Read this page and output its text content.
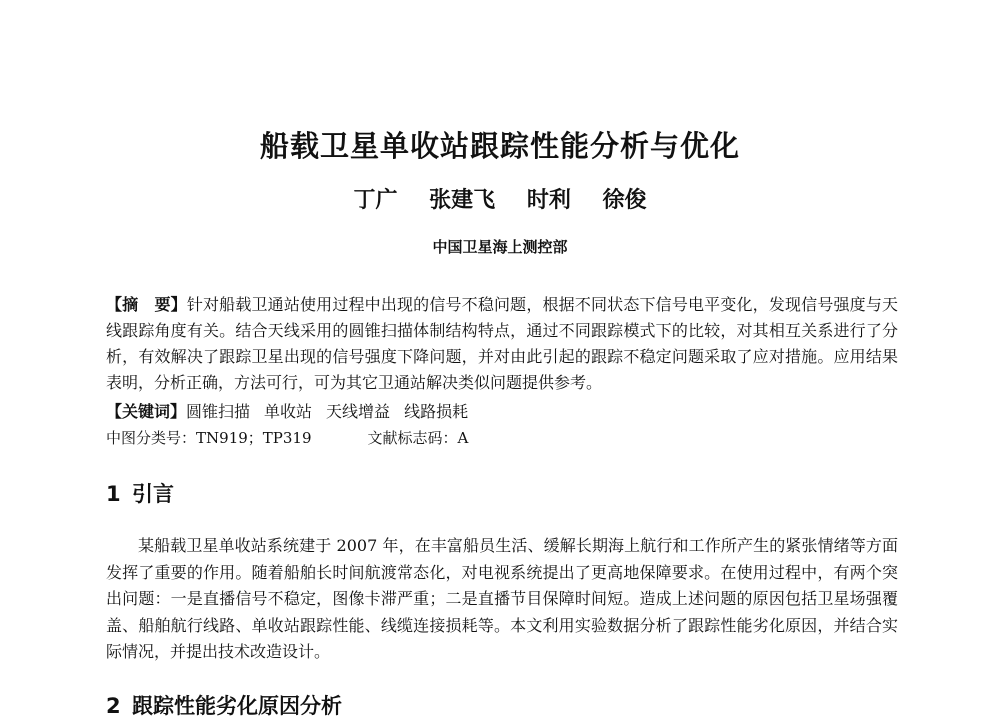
船载卫星单收站跟踪性能分析与优化
丁广 张建飞 时利 徐俊
中国卫星海上测控部

【摘　要】针对船载卫通站使用过程中出现的信号不稳问题，根据不同状态下信号电平变化，发现信号强度与天线跟踪角度有关。结合天线采用的圆锥扫描体制结构特点，通过不同跟踪模式下的比较，对其相互关系进行了分析，有效解决了跟踪卫星出现的信号强度下降问题，并对由此引起的跟踪不稳定问题采取了应对措施。应用结果表明，分析正确，方法可行，可为其它卫通站解决类似问题提供参考。

【关键词】圆锥扫描 单收站 天线增益 线路损耗
中图分类号：TN919；TP319	文献标志码：A
1 引言

某船载卫星单收站系统建于 2007 年，在丰富船员生活、缓解长期海上航行和工作所产生的紧张情绪等方面发挥了重要的作用。随着船舶长时间航渡常态化，对电视系统提出了更高地保障要求。在使用过程中，有两个突出问题：一是直播信号不稳定，图像卡滞严重；二是直播节目保障时间短。造成上述问题的原因包括卫星场强覆盖、船舶航行线路、单收站跟踪性能、线缆连接损耗等。本文利用实验数据分析了跟踪性能劣化原因，并结合实际情况，并提出技术改造设计。

2 跟踪性能劣化原因分析
